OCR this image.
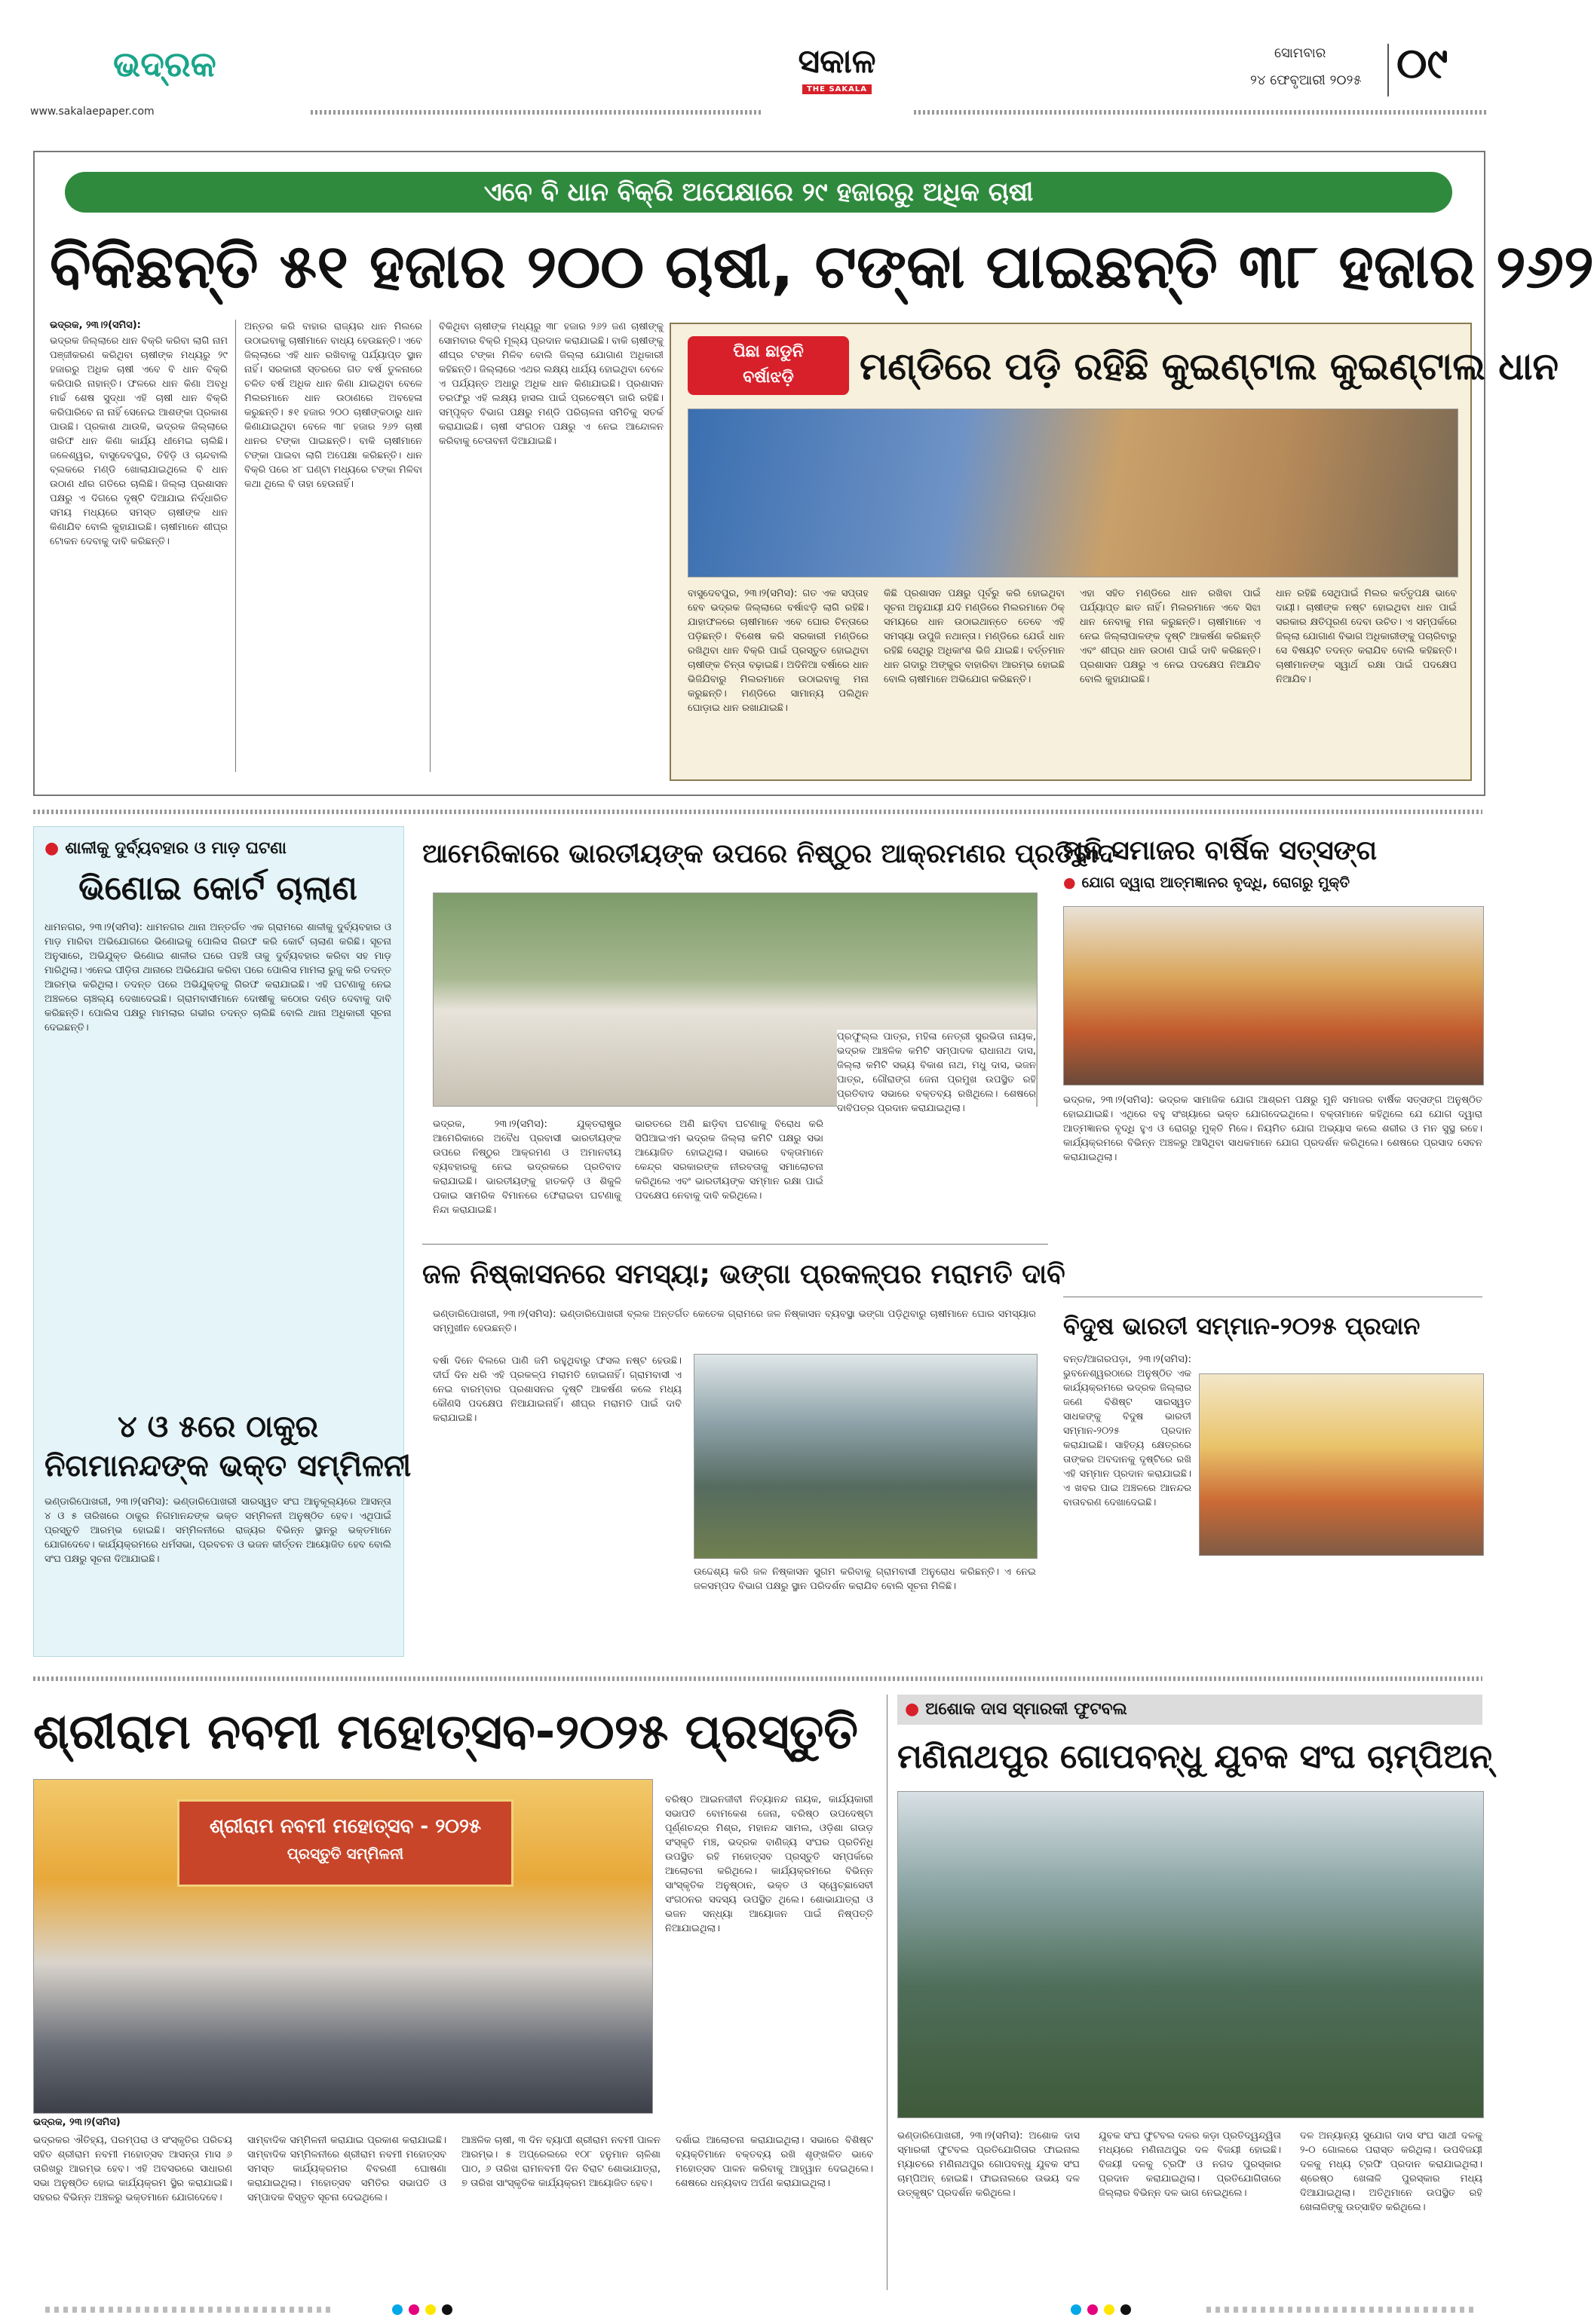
ଭଦ୍ରକ
www.sakalaepaper.com
ସକାଳ
THE SAKALA
ସୋମବାର
୨୪ ଫେବୃଆରୀ ୨୦୨୫ ୦୯
ଏବେ ବି ଧାନ ବିକ୍ରି ଅପେକ୍ଷାରେ ୨୯ ହଜାରରୁ ଅଧିକ ଚାଷୀ
ବିକିଛନ୍ତି ୫୧ ହଜାର ୨୦୦ ଚାଷୀ, ଟଙ୍କା ପାଇଛନ୍ତି ୩୮ ହଜାର ୨୬୨
ଭଦ୍ରକ, ୨୩।୨(ସମିସ):
ଭଦ୍ରକ ଜିଲ୍ଲାରେ ଧାନ ବିକ୍ରି କରିବା ଲାଗି ନାମ ପଞ୍ଜୀକରଣ କରିଥିବା ଚାଷୀଙ୍କ ମଧ୍ୟରୁ ୨୯ ହଜାରରୁ ଅଧିକ ଚାଷୀ ଏବେ ବି ଧାନ ବିକ୍ରି କରିପାରି ନାହାନ୍ତି। ଫଳରେ ଧାନ କିଣା ଅବଧି ମାର୍ଚ୍ଚ ଶେଷ ସୁଦ୍ଧା ଏହି ଚାଷୀ ଧାନ ବିକ୍ରି କରିପାରିବେ ନା ନାହିଁ ସେନେଇ ଆଶଙ୍କା ପ୍ରକାଶ ପାଉଛି। ପ୍ରକାଶ ଥାଉକି, ଭଦ୍ରକ ଜିଲ୍ଲାରେ ଖରିଫ ଧାନ କିଣା କାର୍ଯ୍ୟ ଧୀମେଇ ଚାଲିଛି। ଜଳେଶ୍ୱର, ବାସୁଦେବପୁର, ତିହିଡ଼ି ଓ ଚାନ୍ଦବାଲି ବ୍ଲକରେ ମଣ୍ଡି ଖୋଲାଯାଇଥିଲେ ବି ଧାନ ଉଠାଣ ଧୀର ଗତିରେ ଚାଲିଛି। ଜିଲ୍ଲା ପ୍ରଶାସନ ପକ୍ଷରୁ ଏ ଦିଗରେ ଦୃଷ୍ଟି ଦିଆଯାଇ ନିର୍ଦ୍ଧାରିତ ସମୟ ମଧ୍ୟରେ ସମସ୍ତ ଚାଷୀଙ୍କ ଧାନ କିଣାଯିବ ବୋଲି କୁହାଯାଇଛି। ଚାଷୀମାନେ ଶୀଘ୍ର ଟୋକନ ଦେବାକୁ ଦାବି କରିଛନ୍ତି।
ଅନ୍ତର କରି ବାହାର ରାଜ୍ୟର ଧାନ ମିଲରେ ଉଠାଇବାକୁ ଚାଷୀମାନେ ବାଧ୍ୟ ହେଉଛନ୍ତି। ଏବେ ଜିଲ୍ଲାରେ ଏହି ଧାନ ରଖିବାକୁ ପର୍ଯ୍ୟାପ୍ତ ସ୍ଥାନ ନାହିଁ। ସରକାରୀ ସ୍ତରରେ ଗତ ବର୍ଷ ତୁଳନାରେ ଚଳିତ ବର୍ଷ ଅଧିକ ଧାନ କିଣା ଯାଇଥିବା ବେଳେ ମିଲରମାନେ ଧାନ ଉଠାଣରେ ଅବହେଳା କରୁଛନ୍ତି। ୫୧ ହଜାର ୨୦୦ ଚାଷୀଙ୍କଠାରୁ ଧାନ କିଣାଯାଇଥିବା ବେଳେ ୩୮ ହଜାର ୨୬୨ ଚାଷୀ ଧାନର ଟଙ୍କା ପାଇଛନ୍ତି। ବାକି ଚାଷୀମାନେ ଟଙ୍କା ପାଇବା ଲାଗି ଅପେକ୍ଷା କରିଛନ୍ତି। ଧାନ ବିକ୍ରି ପରେ ୪୮ ଘଣ୍ଟା ମଧ୍ୟରେ ଟଙ୍କା ମିଳିବା କଥା ଥିଲେ ବି ତାହା ହେଉନାହିଁ।
ବିକିଥିବା ଚାଷୀଙ୍କ ମଧ୍ୟରୁ ୩୮ ହଜାର ୨୬୨ ଜଣ ଚାଷୀଙ୍କୁ ସୋମବାର ବିକ୍ରି ମୂଲ୍ୟ ପ୍ରଦାନ କରାଯାଇଛି। ବାକି ଚାଷୀଙ୍କୁ ଶୀଘ୍ର ଟଙ୍କା ମିଳିବ ବୋଲି ଜିଲ୍ଲା ଯୋଗାଣ ଅଧିକାରୀ କହିଛନ୍ତି। ଜିଲ୍ଲାରେ ଏଥର ଲକ୍ଷ୍ୟ ଧାର୍ଯ୍ୟ ହୋଇଥିବା ବେଳେ ଏ ପର୍ଯ୍ୟନ୍ତ ଅଧାରୁ ଅଧିକ ଧାନ କିଣାଯାଇଛି। ପ୍ରଶାସନ ତରଫରୁ ଏହି ଲକ୍ଷ୍ୟ ହାସଲ ପାଇଁ ପ୍ରଚେଷ୍ଟା ଜାରି ରହିଛି। ସମ୍ପୃକ୍ତ ବିଭାଗ ପକ୍ଷରୁ ମଣ୍ଡି ପରିଚାଳନା ସମିତିକୁ ସତର୍କ କରାଯାଇଛି। ଚାଷୀ ସଂଗଠନ ପକ୍ଷରୁ ଏ ନେଇ ଆନ୍ଦୋଳନ କରିବାକୁ ଚେତାବନୀ ଦିଆଯାଇଛି।
ପିଛା ଛାଡୁନି
ବର୍ଷାଝଡ଼ି	ମଣ୍ଡିରେ ପଡ଼ି ରହିଛି କୁଇଣ୍ଟାଲ କୁଇଣ୍ଟାଲ ଧାନ
ବାସୁଦେବପୁର, ୨୩।୨(ସମିସ): ଗତ ଏକ ସପ୍ତାହ ହେବ ଭଦ୍ରକ ଜିଲ୍ଲାରେ ବର୍ଷାଝଡ଼ି ଲାଗି ରହିଛି। ଯାହାଫଳରେ ଚାଷୀମାନେ ଏବେ ଘୋର ଚିନ୍ତାରେ ପଡ଼ିଛନ୍ତି। ବିଶେଷ କରି ସରକାରୀ ମଣ୍ଡିରେ ରଖିଥିବା ଧାନ ବିକ୍ରି ପାଇଁ ପ୍ରସ୍ତୁତ ହୋଇଥିବା ଚାଷୀଙ୍କ ଚିନ୍ତା ବଢ଼ାଇଛି। ଅଦିନିଆ ବର୍ଷାରେ ଧାନ ଭିଜିଯିବାରୁ ମିଲରମାନେ ଉଠାଇବାକୁ ମନା କରୁଛନ୍ତି। ମଣ୍ଡିରେ ସାମାନ୍ୟ ପଲିଥିନ ଘୋଡ଼ାଇ ଧାନ ରଖାଯାଇଛି।
କିଛି ପ୍ରଶାସନ ପକ୍ଷରୁ ପୂର୍ବରୁ କରି ହୋଇଥିବା ସୂଚନା ଅନୁଯାୟୀ ଯଦି ମଣ୍ଡିରେ ମିଲରମାନେ ଠିକ୍ ସମୟରେ ଧାନ ଉଠାଇଥାନ୍ତେ ତେବେ ଏହି ସମସ୍ୟା ଉପୁଜି ନଥାନ୍ତା। ମଣ୍ଡିରେ ଯେଉଁ ଧାନ ରହିଛି ସେଥିରୁ ଅଧିକାଂଶ ଭିଜି ଯାଇଛି। ବର୍ତ୍ତମାନ ଧାନ ଗଦାରୁ ଅଙ୍କୁର ବାହାରିବା ଆରମ୍ଭ ହୋଇଛି ବୋଲି ଚାଷୀମାନେ ଅଭିଯୋଗ କରିଛନ୍ତି।
ଏହା ସହିତ ମଣ୍ଡିରେ ଧାନ ରଖିବା ପାଇଁ ପର୍ଯ୍ୟାପ୍ତ ଛାତ ନାହିଁ। ମିଲରମାନେ ଏବେ ସିଝା ଧାନ ନେବାକୁ ମନା କରୁଛନ୍ତି। ଚାଷୀମାନେ ଏ ନେଇ ଜିଲ୍ଲାପାଳଙ୍କ ଦୃଷ୍ଟି ଆକର୍ଷଣ କରିଛନ୍ତି ଏବଂ ଶୀଘ୍ର ଧାନ ଉଠାଣ ପାଇଁ ଦାବି କରିଛନ୍ତି। ପ୍ରଶାସନ ପକ୍ଷରୁ ଏ ନେଇ ପଦକ୍ଷେପ ନିଆଯିବ ବୋଲି କୁହାଯାଇଛି।
ଧାନ ରହିଛି ସେଥିପାଇଁ ମିଲର କର୍ତ୍ତୃପକ୍ଷ ଭାବେ ଦାୟୀ। ଚାଷୀଙ୍କ ନଷ୍ଟ ହୋଇଥିବା ଧାନ ପାଇଁ ସରକାର କ୍ଷତିପୂରଣ ଦେବା ଉଚିତ। ଏ ସମ୍ପର୍କରେ ଜିଲ୍ଲା ଯୋଗାଣ ବିଭାଗ ଅଧିକାରୀଙ୍କୁ ପଚାରିବାରୁ ସେ ବିଷୟଟି ତଦନ୍ତ କରାଯିବ ବୋଲି କହିଛନ୍ତି। ଚାଷୀମାନଙ୍କ ସ୍ୱାର୍ଥ ରକ୍ଷା ପାଇଁ ପଦକ୍ଷେପ ନିଆଯିବ।
● ଶାଳୀକୁ ଦୁର୍ବ୍ୟବହାର ଓ ମାଡ଼ ଘଟଣା
ଭିଣୋଇ କୋର୍ଟ ଚାଲାଣ
ଧାମନଗର, ୨୩।୨(ସମିସ): ଧାମନଗର ଥାନା ଅନ୍ତର୍ଗତ ଏକ ଗ୍ରାମରେ ଶାଳୀକୁ ଦୁର୍ବ୍ୟବହାର ଓ ମାଡ଼ ମାରିବା ଅଭିଯୋଗରେ ଭିଣୋଇକୁ ପୋଲିସ ଗିରଫ କରି କୋର୍ଟ ଚାଲାଣ କରିଛି। ସୂଚନା ଅନୁସାରେ, ଅଭିଯୁକ୍ତ ଭିଣୋଇ ଶାଳୀର ଘରେ ପହଞ୍ଚି ତାକୁ ଦୁର୍ବ୍ୟବହାର କରିବା ସହ ମାଡ଼ ମାରିଥିଲା। ଏନେଇ ପୀଡ଼ିତା ଥାନାରେ ଅଭିଯୋଗ କରିବା ପରେ ପୋଲିସ ମାମଲା ରୁଜୁ କରି ତଦନ୍ତ ଆରମ୍ଭ କରିଥିଲା। ତଦନ୍ତ ପରେ ଅଭିଯୁକ୍ତକୁ ଗିରଫ କରାଯାଇଛି। ଏହି ଘଟଣାକୁ ନେଇ ଅଞ୍ଚଳରେ ଚାଞ୍ଚଲ୍ୟ ଦେଖାଦେଇଛି। ଗ୍ରାମବାସୀମାନେ ଦୋଷୀକୁ କଠୋର ଦଣ୍ଡ ଦେବାକୁ ଦାବି କରିଛନ୍ତି। ପୋଲିସ ପକ୍ଷରୁ ମାମଲାର ଗଭୀର ତଦନ୍ତ ଚାଲିଛି ବୋଲି ଥାନା ଅଧିକାରୀ ସୂଚନା ଦେଇଛନ୍ତି।
୪ ଓ ୫ରେ ଠାକୁର
ନିଗମାନନ୍ଦଙ୍କ ଭକ୍ତ ସମ୍ମିଳନୀ
ଭଣ୍ଡାରିପୋଖରୀ, ୨୩।୨(ସମିସ): ଭଣ୍ଡାରିପୋଖରୀ ସାରସ୍ୱତ ସଂଘ ଆନୁକୂଲ୍ୟରେ ଆସନ୍ତା ୪ ଓ ୫ ତାରିଖରେ ଠାକୁର ନିଗମାନନ୍ଦଙ୍କ ଭକ୍ତ ସମ୍ମିଳନୀ ଅନୁଷ୍ଠିତ ହେବ। ଏଥିପାଇଁ ପ୍ରସ୍ତୁତି ଆରମ୍ଭ ହୋଇଛି। ସମ୍ମିଳନୀରେ ରାଜ୍ୟର ବିଭିନ୍ନ ସ୍ଥାନରୁ ଭକ୍ତମାନେ ଯୋଗଦେବେ। କାର୍ଯ୍ୟକ୍ରମରେ ଧର୍ମସଭା, ପ୍ରବଚନ ଓ ଭଜନ କୀର୍ତ୍ତନ ଆୟୋଜିତ ହେବ ବୋଲି ସଂଘ ପକ୍ଷରୁ ସୂଚନା ଦିଆଯାଇଛି।
ଆମେରିକାରେ ଭାରତୀୟଙ୍କ ଉପରେ ନିଷ୍ଠୁର ଆକ୍ରମଣର ପ୍ରତିବାଦ
ଭଦ୍ରକ, ୨୩।୨(ସମିସ): ଯୁକ୍ତରାଷ୍ଟ୍ର ଆମେରିକାରେ ଅବୈଧ ପ୍ରବାସୀ ଭାରତୀୟଙ୍କ ଉପରେ ନିଷ୍ଠୁର ଆକ୍ରମଣ ଓ ଅମାନବୀୟ ବ୍ୟବହାରକୁ ନେଇ ଭଦ୍ରକରେ ପ୍ରତିବାଦ କରାଯାଇଛି। ଭାରତୀୟଙ୍କୁ ହାତକଡ଼ି ଓ ଶିକୁଳି ପକାଇ ସାମରିକ ବିମାନରେ ଫେରାଇବା ଘଟଣାକୁ ନିନ୍ଦା କରାଯାଇଛି।
ଭାରତରେ ଅଣି ଛାଡ଼ିବା ଘଟଣାକୁ ବିରୋଧ କରି ସିପିଆଇଏମ ଭଦ୍ରକ ଜିଲ୍ଲା କମିଟି ପକ୍ଷରୁ ସଭା ଆୟୋଜିତ ହୋଇଥିଲା। ସଭାରେ ବକ୍ତାମାନେ କେନ୍ଦ୍ର ସରକାରଙ୍କ ନୀରବତାକୁ ସମାଲୋଚନା କରିଥିଲେ ଏବଂ ଭାରତୀୟଙ୍କ ସମ୍ମାନ ରକ୍ଷା ପାଇଁ ପଦକ୍ଷେପ ନେବାକୁ ଦାବି କରିଥିଲେ।
ପ୍ରଫୁଲ୍ଲ ପାତ୍ର, ମହିଳା ନେତ୍ରୀ ସୁରଭିତା ନାୟକ, ଭଦ୍ରକ ଆଞ୍ଚଳିକ କମିଟି ସମ୍ପାଦକ ରାଧାନାଥ ଦାସ, ଜିଲ୍ଲା କମିଟି ସଭ୍ୟ ବିକାଶ ନାଥ, ମଧୁ ଦାସ, ଭଜନ ପାତ୍ର, ଗୌରାଙ୍ଗ ଜେନା ପ୍ରମୁଖ ଉପସ୍ଥିତ ରହି ପ୍ରତିବାଦ ସଭାରେ ବକ୍ତବ୍ୟ ରଖିଥିଲେ। ଶେଷରେ ଦାବିପତ୍ର ପ୍ରଦାନ କରାଯାଇଥିଲା।
ଜଳ ନିଷ୍କାସନରେ ସମସ୍ୟା; ଭଙ୍ଗା ପ୍ରକଳ୍ପର ମରାମତି ଦାବି
ଭଣ୍ଡାରିପୋଖରୀ, ୨୩।୨(ସମିସ): ଭଣ୍ଡାରିପୋଖରୀ ବ୍ଲକ ଅନ୍ତର୍ଗତ କେତେକ ଗ୍ରାମରେ ଜଳ ନିଷ୍କାସନ ବ୍ୟବସ୍ଥା ଭଙ୍ଗା ପଡ଼ିଥିବାରୁ ଚାଷୀମାନେ ଘୋର ସମସ୍ୟାର ସମ୍ମୁଖୀନ ହେଉଛନ୍ତି।
ବର୍ଷା ଦିନେ ବିଲରେ ପାଣି ଜମି ରହୁଥିବାରୁ ଫସଲ ନଷ୍ଟ ହେଉଛି। ଦୀର୍ଘ ଦିନ ଧରି ଏହି ପ୍ରକଳ୍ପ ମରାମତି ହୋଇନାହିଁ। ଗ୍ରାମବାସୀ ଏ ନେଇ ବାରମ୍ବାର ପ୍ରଶାସନର ଦୃଷ୍ଟି ଆକର୍ଷଣ କଲେ ମଧ୍ୟ କୌଣସି ପଦକ୍ଷେପ ନିଆଯାଇନାହିଁ। ଶୀଘ୍ର ମରାମତି ପାଇଁ ଦାବି କରାଯାଇଛି।
ଉଦ୍ଦେଶ୍ୟ କରି ଜଳ ନିଷ୍କାସନ ସୁଗମ କରିବାକୁ ଗ୍ରାମବାସୀ ଅନୁରୋଧ କରିଛନ୍ତି। ଏ ନେଇ ଜଳସମ୍ପଦ ବିଭାଗ ପକ୍ଷରୁ ସ୍ଥାନ ପରିଦର୍ଶନ କରାଯିବ ବୋଲି ସୂଚନା ମିଳିଛି।
ମୁନି ସମାଜର ବାର୍ଷିକ ସତ୍ସଙ୍ଗ
● ଯୋଗ ଦ୍ୱାରା ଆତ୍ମଜ୍ଞାନର ବୃଦ୍ଧି, ରୋଗରୁ ମୁକ୍ତି
ଭଦ୍ରକ, ୨୩।୨(ସମିସ): ଭଦ୍ରକ ସାମାଜିକ ଯୋଗ ଆଶ୍ରମ ପକ୍ଷରୁ ମୁନି ସମାଜର ବାର୍ଷିକ ସତ୍ସଙ୍ଗ ଅନୁଷ୍ଠିତ ହୋଇଯାଇଛି। ଏଥିରେ ବହୁ ସଂଖ୍ୟାରେ ଭକ୍ତ ଯୋଗଦେଇଥିଲେ। ବକ୍ତାମାନେ କହିଥିଲେ ଯେ ଯୋଗ ଦ୍ୱାରା ଆତ୍ମଜ୍ଞାନର ବୃଦ୍ଧି ହୁଏ ଓ ରୋଗରୁ ମୁକ୍ତି ମିଳେ। ନିୟମିତ ଯୋଗ ଅଭ୍ୟାସ କଲେ ଶରୀର ଓ ମନ ସୁସ୍ଥ ରହେ। କାର୍ଯ୍ୟକ୍ରମରେ ବିଭିନ୍ନ ଅଞ୍ଚଳରୁ ଆସିଥିବା ସାଧକମାନେ ଯୋଗ ପ୍ରଦର୍ଶନ କରିଥିଲେ। ଶେଷରେ ପ୍ରସାଦ ସେବନ କରାଯାଇଥିଲା।
ବିଦୁଷ ଭାରତୀ ସମ୍ମାନ-୨୦୨୫ ପ୍ରଦାନ
ବନ୍ତ/ଆଗରପଡ଼ା, ୨୩।୨(ସମିସ): ଭୁବନେଶ୍ୱରଠାରେ ଅନୁଷ୍ଠିତ ଏକ କାର୍ଯ୍ୟକ୍ରମରେ ଭଦ୍ରକ ଜିଲ୍ଲାର ଜଣେ ବିଶିଷ୍ଟ ସାରସ୍ୱତ ସାଧକଙ୍କୁ ବିଦୁଷ ଭାରତୀ ସମ୍ମାନ-୨୦୨୫ ପ୍ରଦାନ କରାଯାଇଛି। ସାହିତ୍ୟ କ୍ଷେତ୍ରରେ ତାଙ୍କର ଅବଦାନକୁ ଦୃଷ୍ଟିରେ ରଖି ଏହି ସମ୍ମାନ ପ୍ରଦାନ କରାଯାଇଛି। ଏ ଖବର ପାଇ ଅଞ୍ଚଳରେ ଆନନ୍ଦର ବାତାବରଣ ଦେଖାଦେଇଛି।
ଶ୍ରୀରାମ ନବମୀ ମହୋତ୍ସବ-୨୦୨୫ ପ୍ରସ୍ତୁତି
ଶ୍ରୀରାମ ନବମୀ ମହୋତ୍ସବ - ୨୦୨୫
ପ୍ରସ୍ତୁତି ସମ୍ମିଳନୀ
ବରିଷ୍ଠ ଆଇନଜୀବୀ ନିତ୍ୟାନନ୍ଦ ନାୟକ, କାର୍ଯ୍ୟକାରୀ ସଭାପତି ବୋମକେଶ ଜେନା, ବରିଷ୍ଠ ଉପଦେଷ୍ଟା ପୂର୍ଣ୍ଣଚନ୍ଦ୍ର ମିଶ୍ର, ମହାନନ୍ଦ ସାମଲ, ଓଡ଼ିଶା ଗଉଡ଼ ସଂସ୍କୃତି ମଞ୍ଚ, ଭଦ୍ରକ ବାଣିଜ୍ୟ ସଂଘର ପ୍ରତିନିଧି ଉପସ୍ଥିତ ରହି ମହୋତ୍ସବ ପ୍ରସ୍ତୁତି ସମ୍ପର୍କରେ ଆଲୋଚନା କରିଥିଲେ। କାର୍ଯ୍ୟକ୍ରମରେ ବିଭିନ୍ନ ସାଂସ୍କୃତିକ ଅନୁଷ୍ଠାନ, ଭକ୍ତ ଓ ସ୍ୱେଚ୍ଛାସେବୀ ସଂଗଠନର ସଦସ୍ୟ ଉପସ୍ଥିତ ଥିଲେ। ଶୋଭାଯାତ୍ରା ଓ ଭଜନ ସନ୍ଧ୍ୟା ଆୟୋଜନ ପାଇଁ ନିଷ୍ପତ୍ତି ନିଆଯାଇଥିଲା।
ଭଦ୍ରକ, ୨୩।୨(ସମିସ)
ଭଦ୍ରକର ଐତିହ୍ୟ, ପରମ୍ପରା ଓ ସଂସ୍କୃତିର ପରିଚୟ ସହିତ ଶ୍ରୀରାମ ନବମୀ ମହୋତ୍ସବ ଆସନ୍ତା ମାସ ୬ ତାରିଖରୁ ଆରମ୍ଭ ହେବ। ଏହି ଅବସରରେ ସାଧାରଣ ସଭା ଅନୁଷ୍ଠିତ ହୋଇ କାର୍ଯ୍ୟକ୍ରମ ସ୍ଥିର କରାଯାଇଛି। ସହରର ବିଭିନ୍ନ ଅଞ୍ଚଳରୁ ଭକ୍ତମାନେ ଯୋଗଦେବେ।
ସାମ୍ବାଦିକ ସମ୍ମିଳନୀ କରାଯାଇ ପ୍ରକାଶ କରାଯାଇଛି। ସାମ୍ବାଦିକ ସମ୍ମିଳନୀରେ ଶ୍ରୀରାମ ନବମୀ ମହୋତ୍ସବ ସମସ୍ତ କାର୍ଯ୍ୟକ୍ରମର ବିବରଣୀ ଘୋଷଣା କରାଯାଇଥିଲା। ମହୋତ୍ସବ ସମିତିର ସଭାପତି ଓ ସମ୍ପାଦକ ବିସ୍ତୃତ ସୂଚନା ଦେଇଥିଲେ।
ଆଞ୍ଚଳିକ ଚାଷୀ, ୩ ଦିନ ବ୍ୟାପୀ ଶ୍ରୀରାମ ନବମୀ ପାଳନ ଆରମ୍ଭ। ୫ ଅପ୍ରେଲରେ ୧୦୮ ହନୁମାନ ଚାଳିଶା ପାଠ, ୬ ତାରିଖ ରାମନବମୀ ଦିନ ବିରାଟ ଶୋଭାଯାତ୍ରା, ୭ ତାରିଖ ସାଂସ୍କୃତିକ କାର୍ଯ୍ୟକ୍ରମ ଆୟୋଜିତ ହେବ।
ଦର୍ଶାଇ ଆଲୋଚନା କରାଯାଇଥିଲା। ସଭାରେ ବିଶିଷ୍ଟ ବ୍ୟକ୍ତିମାନେ ବକ୍ତବ୍ୟ ରଖି ଶୃଙ୍ଖଳିତ ଭାବେ ମହୋତ୍ସବ ପାଳନ କରିବାକୁ ଆହ୍ୱାନ ଦେଇଥିଲେ। ଶେଷରେ ଧନ୍ୟବାଦ ଅର୍ପଣ କରାଯାଇଥିଲା।
● ଅଶୋକ ଦାସ ସ୍ମାରକୀ ଫୁଟବଲ
ମଣିନାଥପୁର ଗୋପବନ୍ଧୁ ଯୁବକ ସଂଘ ଚାମ୍ପିଅନ୍
ଭଣ୍ଡାରିପୋଖରୀ, ୨୩।୨(ସମିସ): ଅଶୋକ ଦାସ ସ୍ମାରକୀ ଫୁଟବଲ ପ୍ରତିଯୋଗିତାର ଫାଇନାଲ ମ୍ୟାଚରେ ମଣିନାଥପୁର ଗୋପବନ୍ଧୁ ଯୁବକ ସଂଘ ଚାମ୍ପିଅନ୍ ହୋଇଛି। ଫାଇନାଲରେ ଉଭୟ ଦଳ ଉତ୍କୃଷ୍ଟ ପ୍ରଦର୍ଶନ କରିଥିଲେ।
ଯୁବକ ସଂଘ ଫୁଟବଲ ଦଳର କଡ଼ା ପ୍ରତିଦ୍ୱନ୍ଦ୍ୱିତା ମଧ୍ୟରେ ମଣିନାଥପୁର ଦଳ ବିଜୟୀ ହୋଇଛି। ବିଜୟୀ ଦଳକୁ ଟ୍ରଫି ଓ ନଗଦ ପୁରସ୍କାର ପ୍ରଦାନ କରାଯାଇଥିଲା। ପ୍ରତିଯୋଗିତାରେ ଜିଲ୍ଲାର ବିଭିନ୍ନ ଦଳ ଭାଗ ନେଇଥିଲେ।
ଦଳ ଅନ୍ୟାନ୍ୟ ସୁଯୋଗ ଦାସ ସଂଘ ସାଥୀ ଦଳକୁ ୨-୦ ଗୋଲରେ ପରାସ୍ତ କରିଥିଲା। ଉପବିଜୟୀ ଦଳକୁ ମଧ୍ୟ ଟ୍ରଫି ପ୍ରଦାନ କରାଯାଇଥିଲା। ଶ୍ରେଷ୍ଠ ଖେଳାଳି ପୁରସ୍କାର ମଧ୍ୟ ଦିଆଯାଇଥିଲା। ଅତିଥିମାନେ ଉପସ୍ଥିତ ରହି ଖେଳାଳିଙ୍କୁ ଉତ୍ସାହିତ କରିଥିଲେ।
